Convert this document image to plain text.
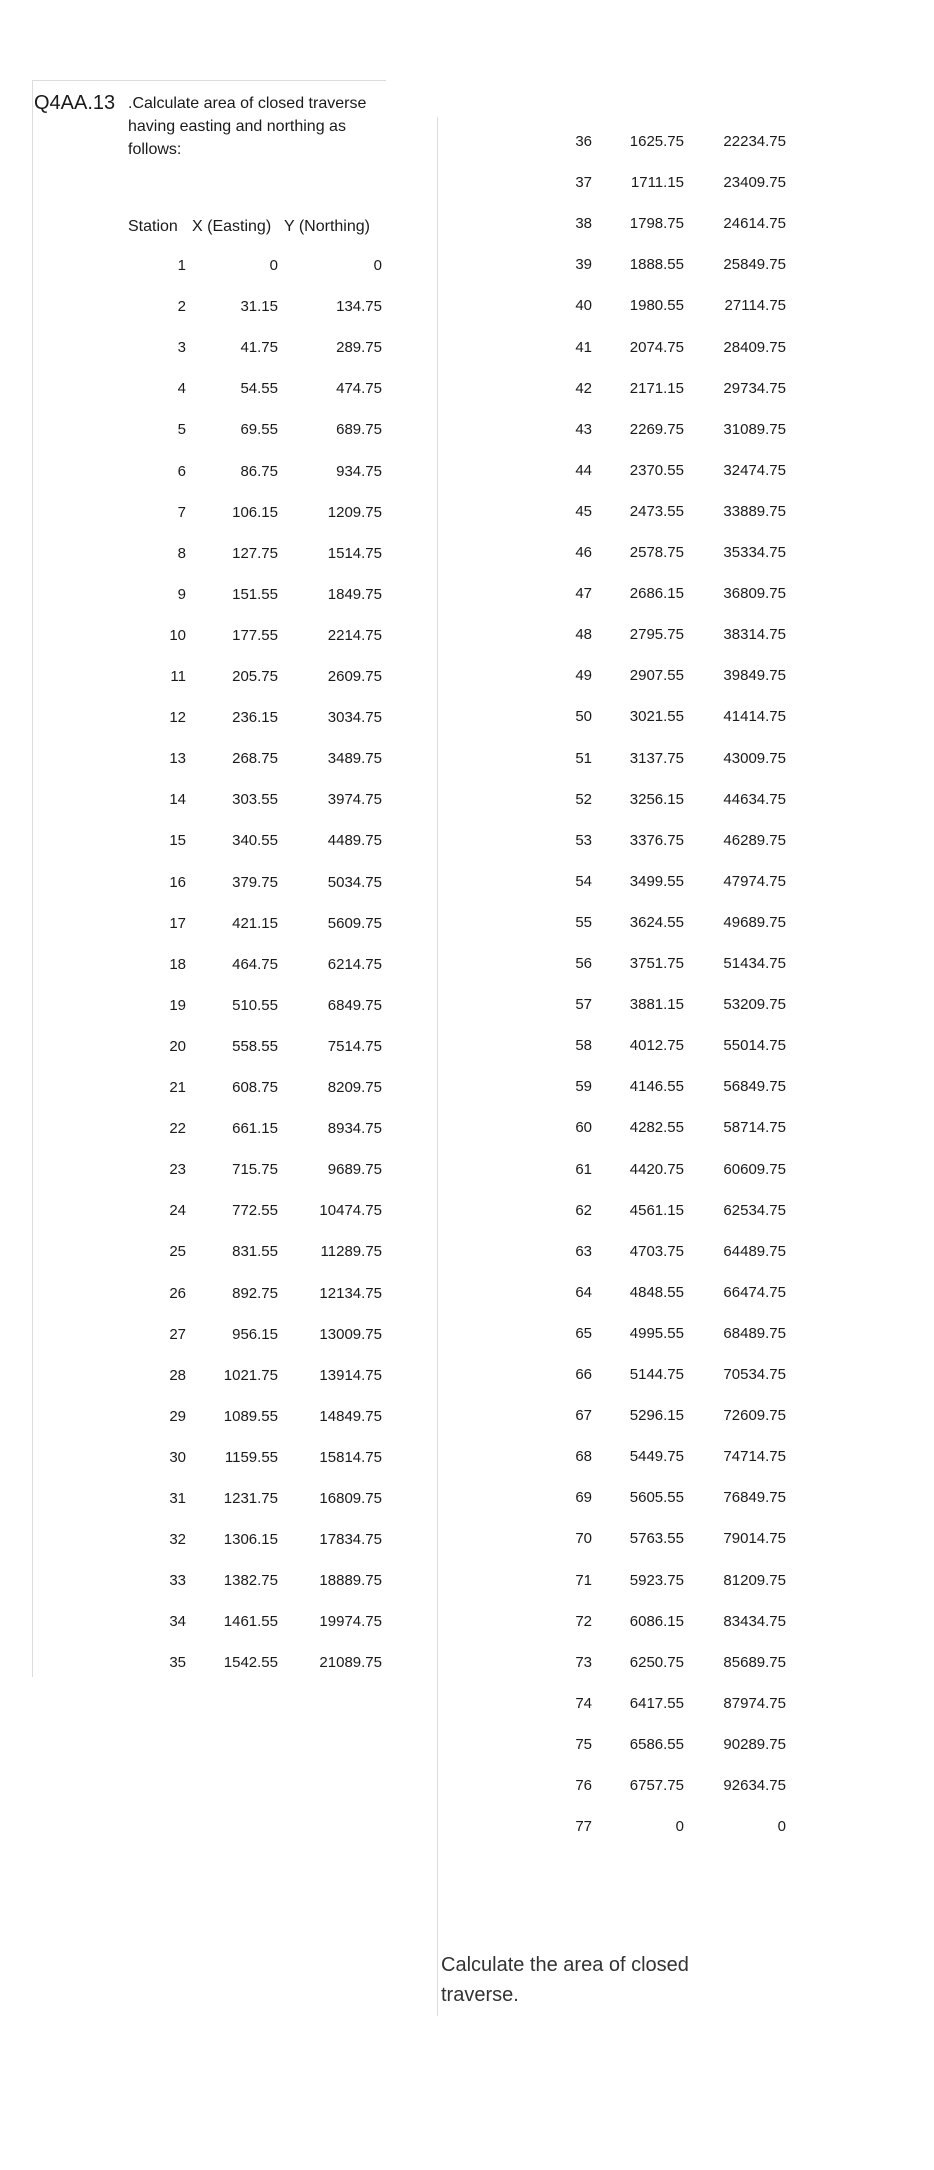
Q4AA.13 .Calculate area of closed traverse having easting and northing as follows:
Station X (Easting) Y (Northing)
1	0	0
2	31.15	134.75
3	41.75	289.75
4	54.55	474.75
5	69.55	689.75
6	86.75	934.75
7	106.15	1209.75
8	127.75	1514.75
9	151.55	1849.75
10	177.55	2214.75
11	205.75	2609.75
12	236.15	3034.75
13	268.75	3489.75
14	303.55	3974.75
15	340.55	4489.75
16	379.75	5034.75
17	421.15	5609.75
18	464.75	6214.75
19	510.55	6849.75
20	558.55	7514.75
21	608.75	8209.75
22	661.15	8934.75
23	715.75	9689.75
24	772.55	10474.75
25	831.55	11289.75
26	892.75	12134.75
27	956.15	13009.75
28	1021.75	13914.75
29	1089.55	14849.75
30	1159.55	15814.75
31	1231.75	16809.75
32	1306.15	17834.75
33	1382.75	18889.75
34	1461.55	19974.75
35	1542.55	21089.75
36	1625.75	22234.75
37	1711.15	23409.75
38	1798.75	24614.75
39	1888.55	25849.75
40	1980.55	27114.75
41	2074.75	28409.75
42	2171.15	29734.75
43	2269.75	31089.75
44	2370.55	32474.75
45	2473.55	33889.75
46	2578.75	35334.75
47	2686.15	36809.75
48	2795.75	38314.75
49	2907.55	39849.75
50	3021.55	41414.75
51	3137.75	43009.75
52	3256.15	44634.75
53	3376.75	46289.75
54	3499.55	47974.75
55	3624.55	49689.75
56	3751.75	51434.75
57	3881.15	53209.75
58	4012.75	55014.75
59	4146.55	56849.75
60	4282.55	58714.75
61	4420.75	60609.75
62	4561.15	62534.75
63	4703.75	64489.75
64	4848.55	66474.75
65	4995.55	68489.75
66	5144.75	70534.75
67	5296.15	72609.75
68	5449.75	74714.75
69	5605.55	76849.75
70	5763.55	79014.75
71	5923.75	81209.75
72	6086.15	83434.75
73	6250.75	85689.75
74	6417.55	87974.75
75	6586.55	90289.75
76	6757.75	92634.75
77	0	0
Calculate the area of closed traverse.
